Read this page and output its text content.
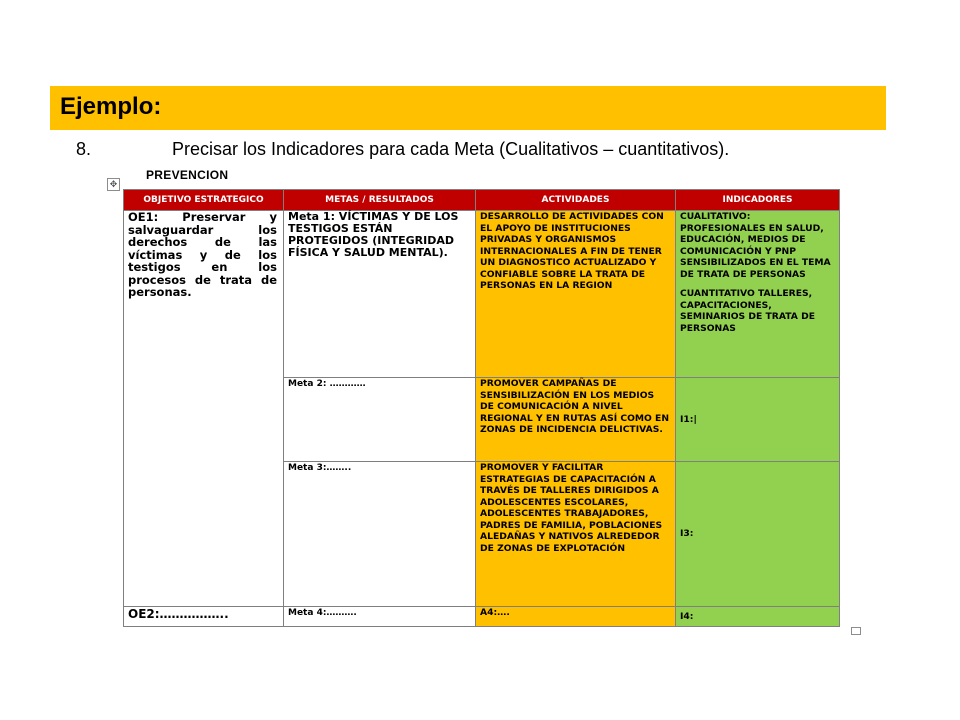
Ejemplo:
8.	Precisar los Indicadores para cada Meta (Cualitativos – cuantitativos).
✥
PREVENCION
OBJETIVO ESTRATEGICO	METAS / RESULTADOS	ACTIVIDADES	INDICADORES

OE1: Preservar y salvaguardar los derechos de las víctimas y de los testigos en los procesos de trata de personas.	Meta 1: VÍCTIMAS Y DE LOS TESTIGOS ESTÁN PROTEGIDOS (INTEGRIDAD FÍSICA Y SALUD MENTAL).	DESARROLLO DE ACTIVIDADES CON EL APOYO DE INSTITUCIONES PRIVADAS Y ORGANISMOS INTERNACIONALES A FIN DE TENER UN DIAGNOSTICO ACTUALIZADO Y CONFIABLE SOBRE LA TRATA DE PERSONAS EN LA REGION	CUALITATIVO: PROFESIONALES EN SALUD, EDUCACIÓN, MEDIOS DE COMUNICACIÓN Y PNP SENSIBILIZADOS EN EL TEMA DE TRATA DE PERSONAS
CUANTITATIVO TALLERES, CAPACITACIONES, SEMINARIOS DE TRATA DE PERSONAS

	Meta 2: …………	PROMOVER CAMPAÑAS DE SENSIBILIZACIÓN EN LOS MEDIOS DE COMUNICACIÓN A NIVEL REGIONAL Y EN RUTAS ASÍ COMO EN ZONAS DE INCIDENCIA DELICTIVAS.	I1:|
	Meta 3:……..	PROMOVER Y FACILITAR ESTRATEGIAS DE CAPACITACIÓN A TRAVÉS DE TALLERES DIRIGIDOS A ADOLESCENTES ESCOLARES, ADOLESCENTES TRABAJADORES, PADRES DE FAMILIA, POBLACIONES ALEDAÑAS Y NATIVOS ALREDEDOR DE ZONAS DE EXPLOTACIÓN	I3:
OE2:……………..	Meta 4:……….	A4:….	I4:
